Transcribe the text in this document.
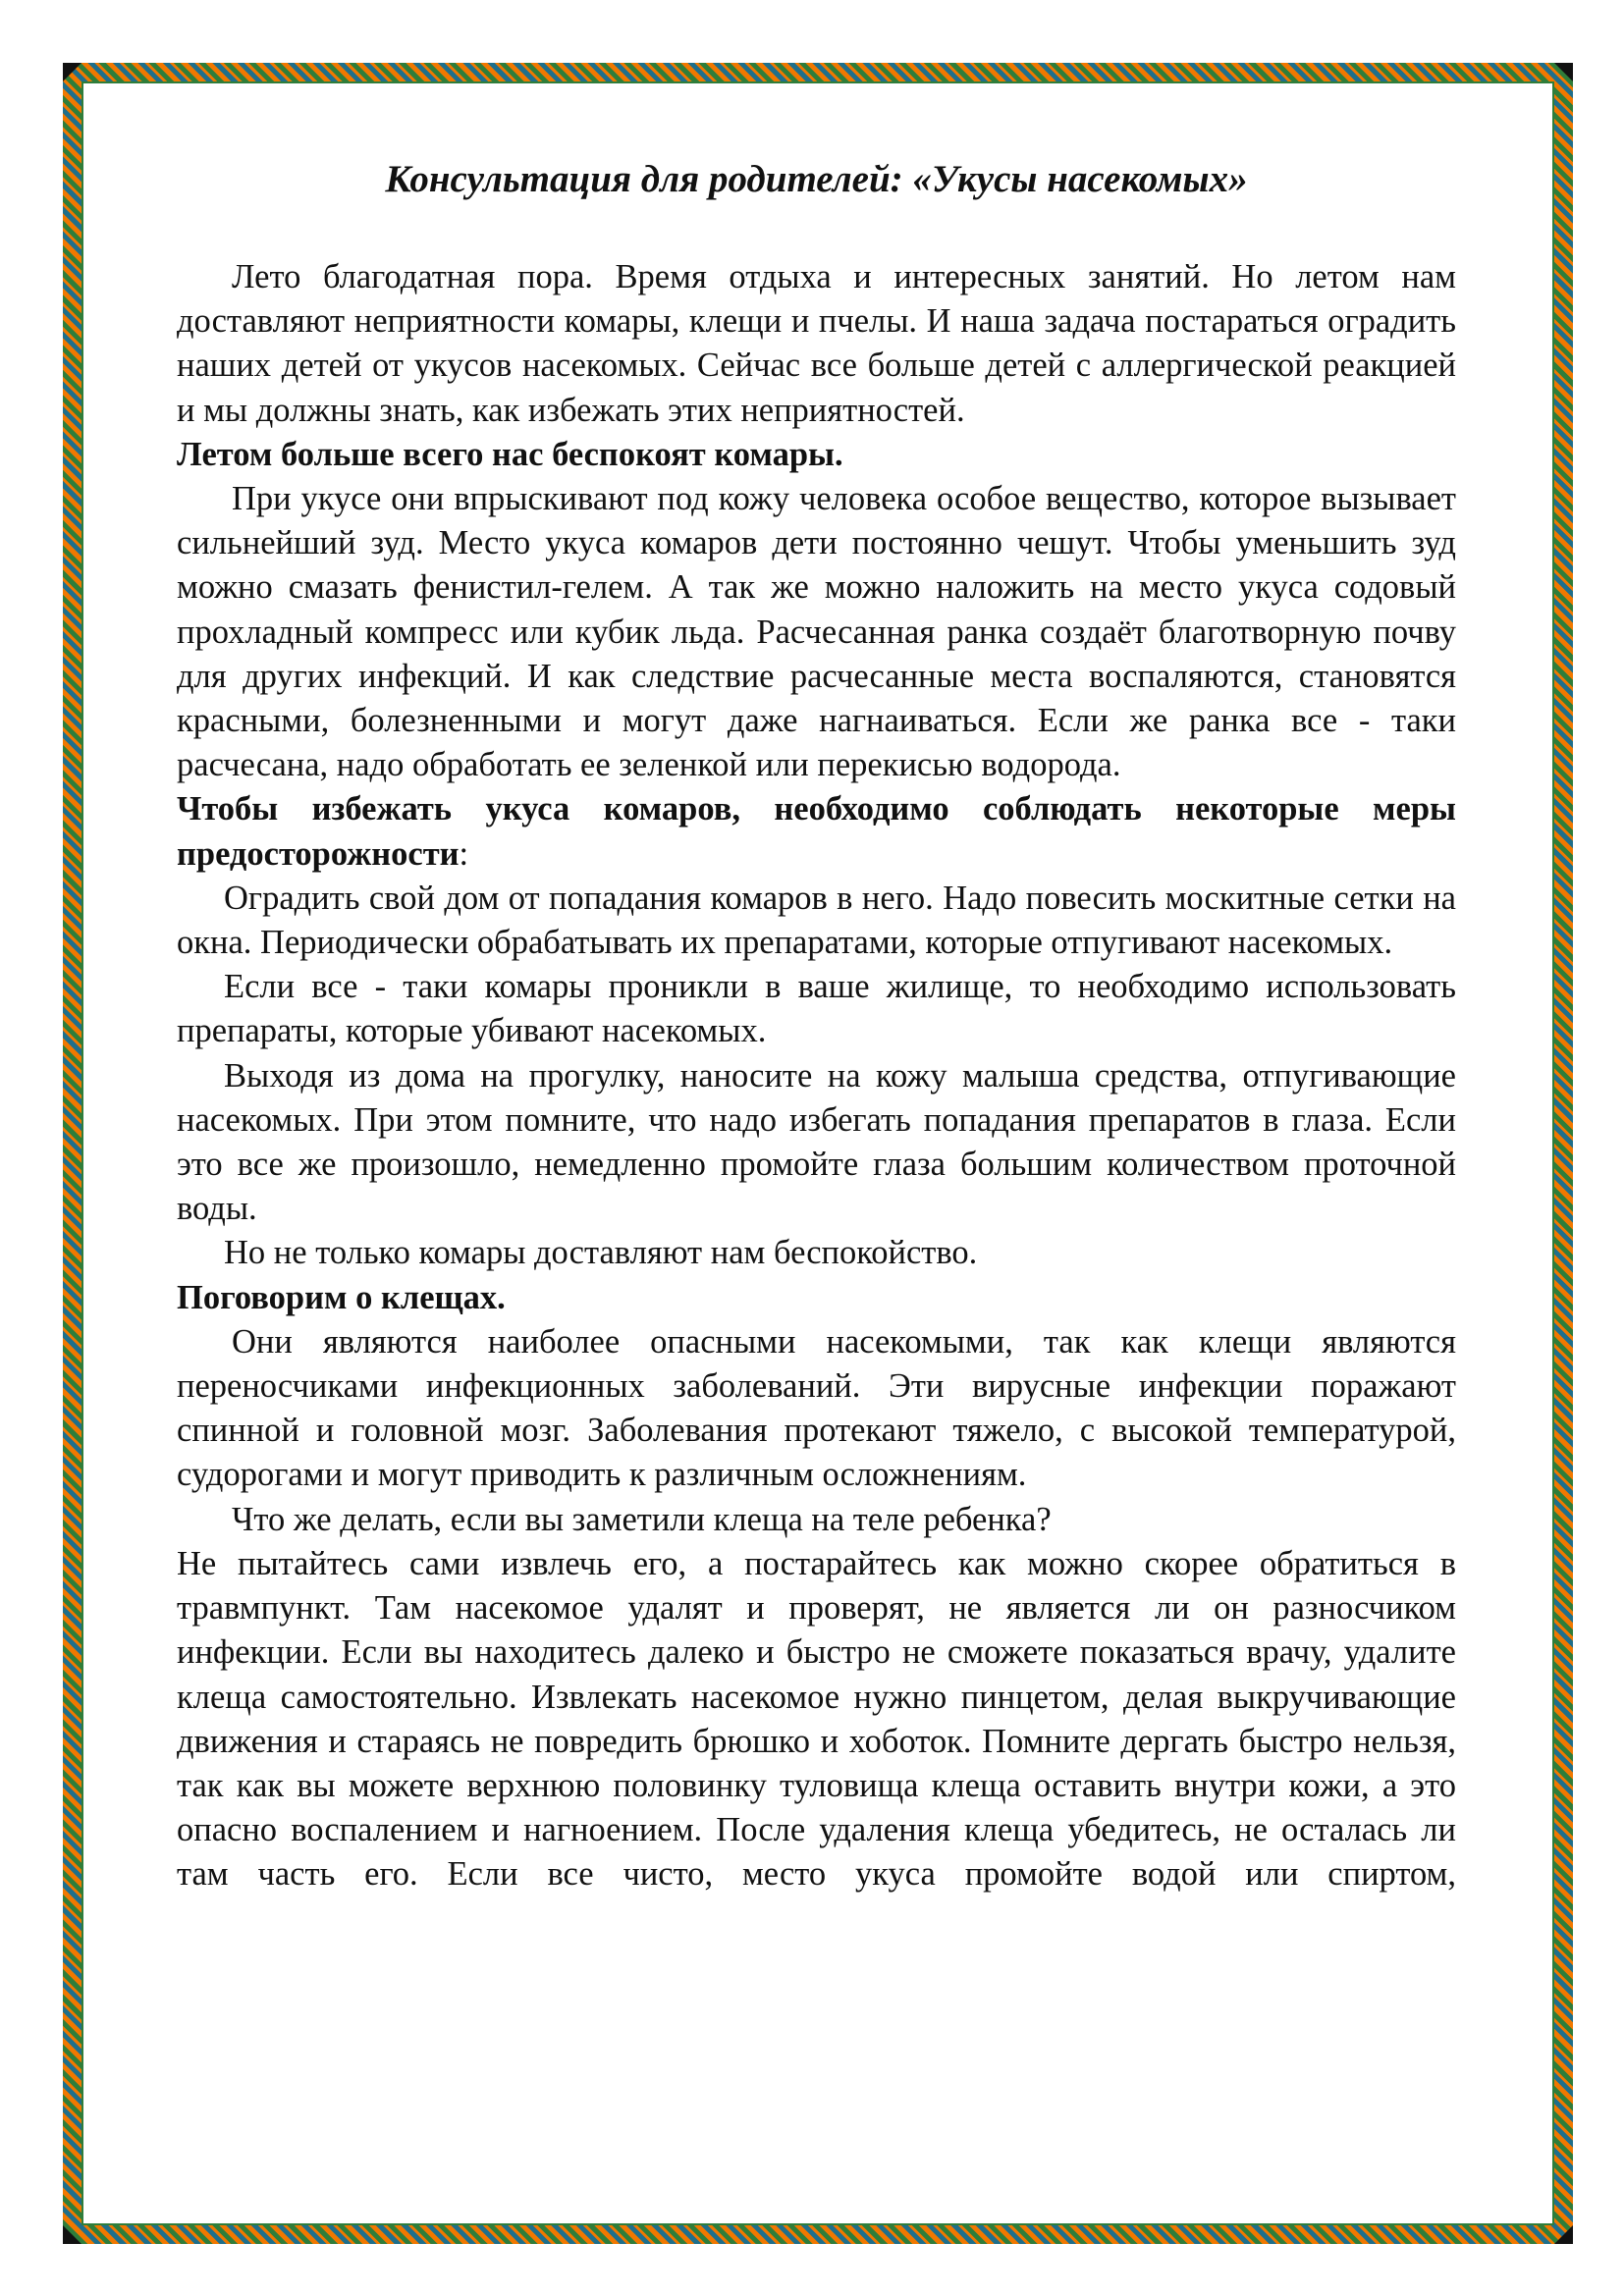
Консультация для родителей: «Укусы насекомых»

Лето благодатная пора. Время отдыха и интересных занятий. Но летом нам доставляют неприятности комары, клещи и пчелы. И наша задача постараться оградить наших детей от укусов насекомых. Сейчас все больше детей с аллергической реакцией и мы должны знать, как избежать этих неприятностей.

Летом больше всего нас беспокоят комары.

При укусе они впрыскивают под кожу человека особое вещество, которое вызывает сильнейший зуд. Место укуса комаров дети постоянно чешут. Чтобы уменьшить зуд можно смазать фенистил-гелем. А так же можно наложить на место укуса содовый прохладный компресс или кубик льда. Расчесанная ранка создаёт благотворную почву для других инфекций. И как следствие расчесанные места воспаляются, становятся красными, болезненными и могут даже нагнаиваться. Если же ранка все - таки расчесана, надо обработать ее зеленкой или перекисью водорода.

Чтобы избежать укуса комаров, необходимо соблюдать некоторые меры предосторожности:

Оградить свой дом от попадания комаров в него. Надо повесить москитные сетки на окна. Периодически обрабатывать их препаратами, которые отпугивают насекомых.

Если все - таки комары проникли в ваше жилище, то необходимо использовать препараты, которые убивают насекомых.

Выходя из дома на прогулку, наносите на кожу малыша средства, отпугивающие насекомых. При этом помните, что надо избегать попадания препаратов в глаза. Если это все же произошло, немедленно промойте глаза большим количеством проточной воды.

Но не только комары доставляют нам беспокойство.

Поговорим о клещах.

Они являются наиболее опасными насекомыми, так как клещи являются переносчиками инфекционных заболеваний. Эти вирусные инфекции поражают спинной и головной мозг. Заболевания протекают тяжело, с высокой температурой, судорогами и могут приводить к различным осложнениям.

Что же делать, если вы заметили клеща на теле ребенка?

Не пытайтесь сами извлечь его, а постарайтесь как можно скорее обратиться в травмпункт. Там насекомое удалят и проверят, не является ли он разносчиком инфекции. Если вы находитесь далеко и быстро не сможете показаться врачу, удалите клеща самостоятельно. Извлекать насекомое нужно пинцетом, делая выкручивающие движения и стараясь не повредить брюшко и хоботок. Помните дергать быстро нельзя, так как вы можете верхнюю половинку туловища клеща оставить внутри кожи, а это опасно воспалением и нагноением. После удаления клеща убедитесь, не осталась ли там часть его. Если все чисто, место укуса промойте водой или спиртом,
